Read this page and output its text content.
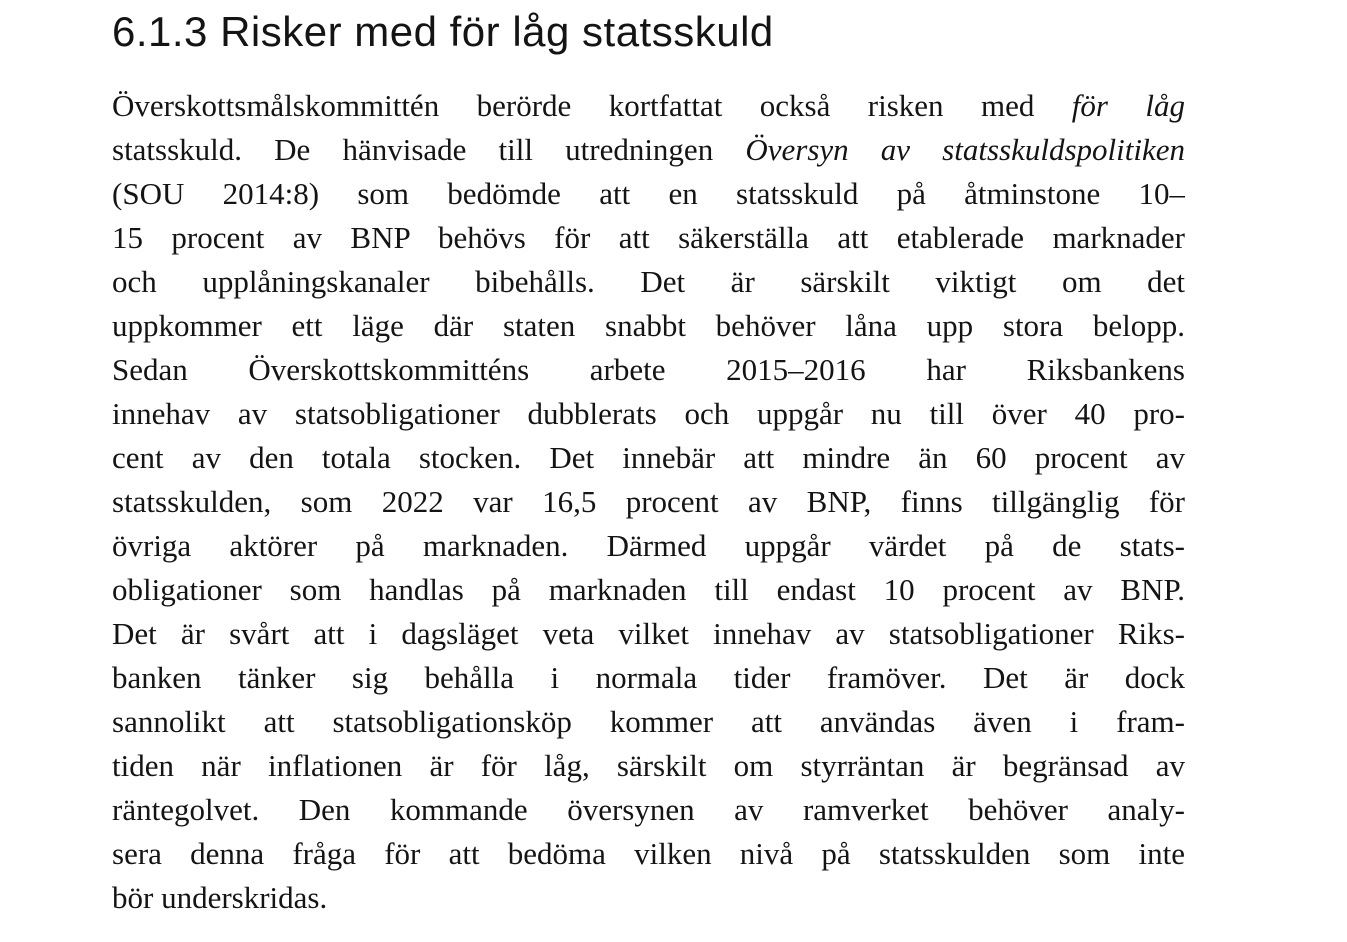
6.1.3 Risker med för låg statsskuld
Överskottsmålskommittén berörde kortfattat också risken med för låg
statsskuld. De hänvisade till utredningen Översyn av statsskuldspolitiken
(SOU 2014:8) som bedömde att en statsskuld på åtminstone 10–
15 procent av BNP behövs för att säkerställa att etablerade marknader
och upplåningskanaler bibehålls. Det är särskilt viktigt om det
uppkommer ett läge där staten snabbt behöver låna upp stora belopp.
Sedan Överskottskommitténs arbete 2015–2016 har Riksbankens
innehav av statsobligationer dubblerats och uppgår nu till över 40 pro-
cent av den totala stocken. Det innebär att mindre än 60 procent av
statsskulden, som 2022 var 16,5 procent av BNP, finns tillgänglig för
övriga aktörer på marknaden. Därmed uppgår värdet på de stats-
obligationer som handlas på marknaden till endast 10 procent av BNP.
Det är svårt att i dagsläget veta vilket innehav av statsobligationer Riks-
banken tänker sig behålla i normala tider framöver. Det är dock
sannolikt att statsobligationsköp kommer att användas även i fram-
tiden när inflationen är för låg, särskilt om styrräntan är begränsad av
räntegolvet. Den kommande översynen av ramverket behöver analy-
sera denna fråga för att bedöma vilken nivå på statsskulden som inte
bör underskridas.
